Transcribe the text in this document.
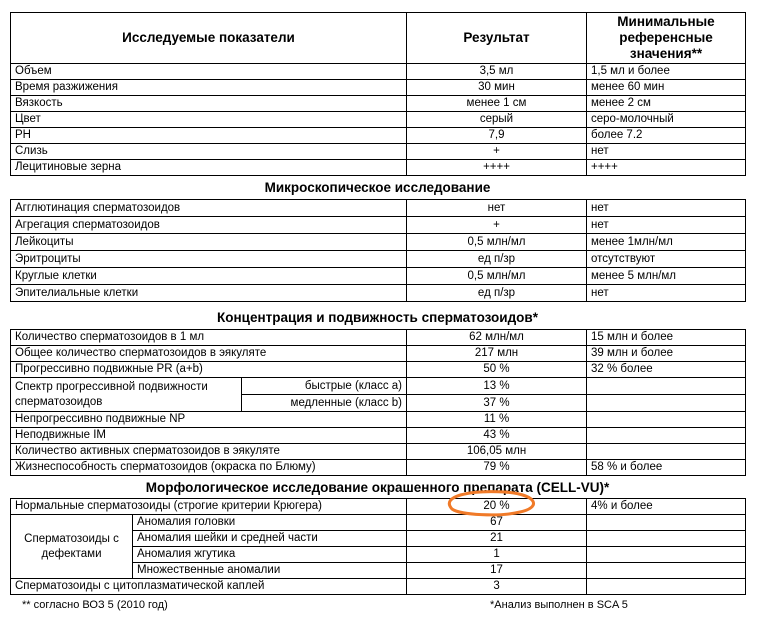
Исследуемые показатели	Результат	Минимальные
референсные
значения**
Объем	3,5 мл	1,5 мл и более
Время разжижения	30 мин	менее 60 мин
Вязкость	менее 1 см	менее 2 см
Цвет	серый	серо-молочный
PH	7,9	более 7.2
Слизь	+	нет
Лецитиновые зерна	++++	++++
Микроскопическое исследование
Агглютинация сперматозоидов	нет	нет
Агрегация сперматозоидов	+	нет
Лейкоциты	0,5 млн/мл	менее 1млн/мл
Эритроциты	ед п/зр	отсутствуют
Круглые клетки	0,5 млн/мл	менее 5 млн/мл
Эпителиальные клетки	ед п/зр	нет
Концентрация и подвижность сперматозоидов*
Количество сперматозоидов в 1 мл		62 млн/мл	15 млн и более
Общее количество сперматозоидов в эякуляте		217 млн	39 млн и более
Прогрессивно подвижные PR (a+b)		50 %	32 % более
Спектр прогрессивной подвижности
сперматозоидов	быстрые (класс а)	13 %	
	медленные (класс b)	37 %	
Непрогрессивно подвижные NP		11 %	
Неподвижные IM		43 %	
Количество активных сперматозоидов в эякуляте		106,05 млн	
Жизнеспособность сперматозоидов (окраска по Блюму)		79 %	58 % и более
Морфологическое исследование окрашенного препарата (CELL-VU)*
Нормальные сперматозоиды (строгие критерии Крюгера)		20 %	4% и более
Сперматозоиды с
дефектами	Аномалия головки	67	
	Аномалия шейки и средней части	21	
	Аномалия жгутика	1	
	Множественные аномалии	17	
Сперматозоиды с цитоплазматической каплей		3	
** согласно ВОЗ 5 (2010 год)	*Анализ выполнен в SCA 5
